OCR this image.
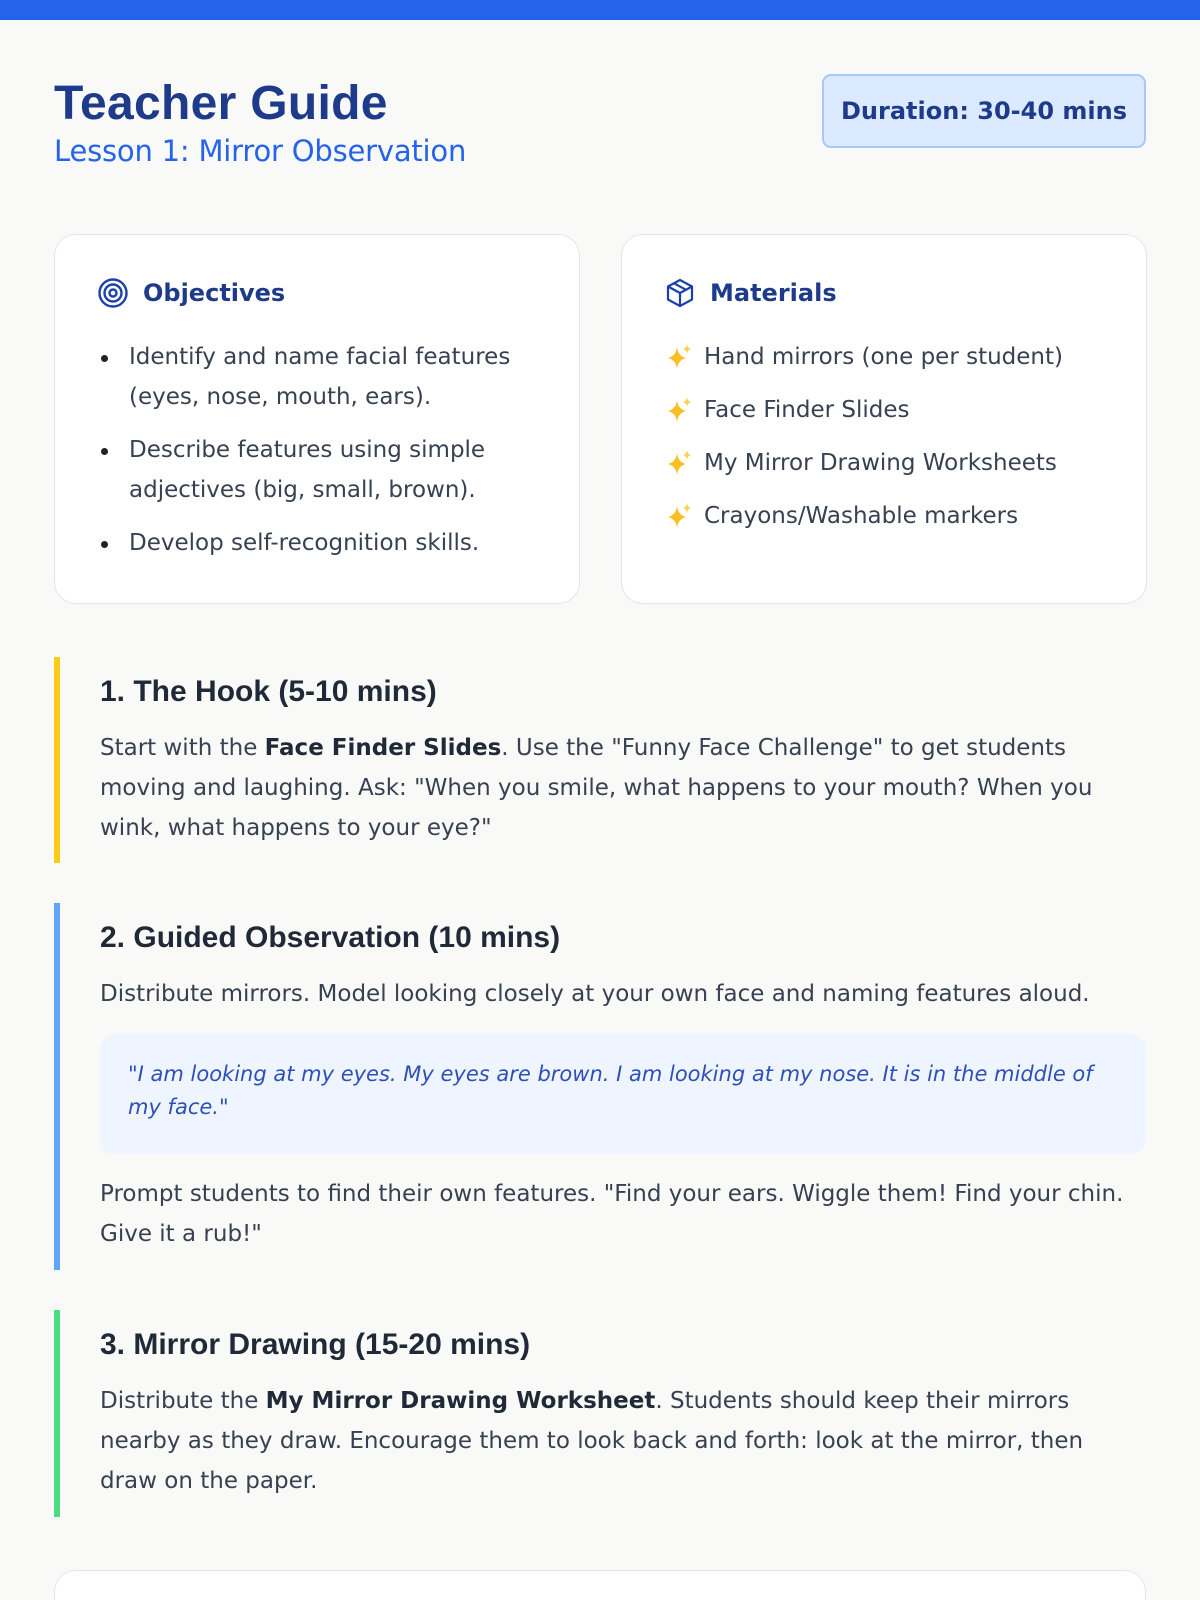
Teacher Guide
Lesson 1: Mirror Observation
Duration: 30-40 mins
Objectives
Identify and name facial features (eyes, nose, mouth, ears).
Describe features using simple adjectives (big, small, brown).
Develop self-recognition skills.
Materials
Hand mirrors (one per student)
Face Finder Slides
My Mirror Drawing Worksheets
Crayons/Washable markers
1. The Hook (5-10 mins)
Start with the Face Finder Slides. Use the "Funny Face Challenge" to get students moving and laughing. Ask: "When you smile, what happens to your mouth? When you wink, what happens to your eye?"
2. Guided Observation (10 mins)
Distribute mirrors. Model looking closely at your own face and naming features aloud.
"I am looking at my eyes. My eyes are brown. I am looking at my nose. It is in the middle of my face."
Prompt students to find their own features. "Find your ears. Wiggle them! Find your chin. Give it a rub!"
3. Mirror Drawing (15-20 mins)
Distribute the My Mirror Drawing Worksheet. Students should keep their mirrors nearby as they draw. Encourage them to look back and forth: look at the mirror, then draw on the paper.
